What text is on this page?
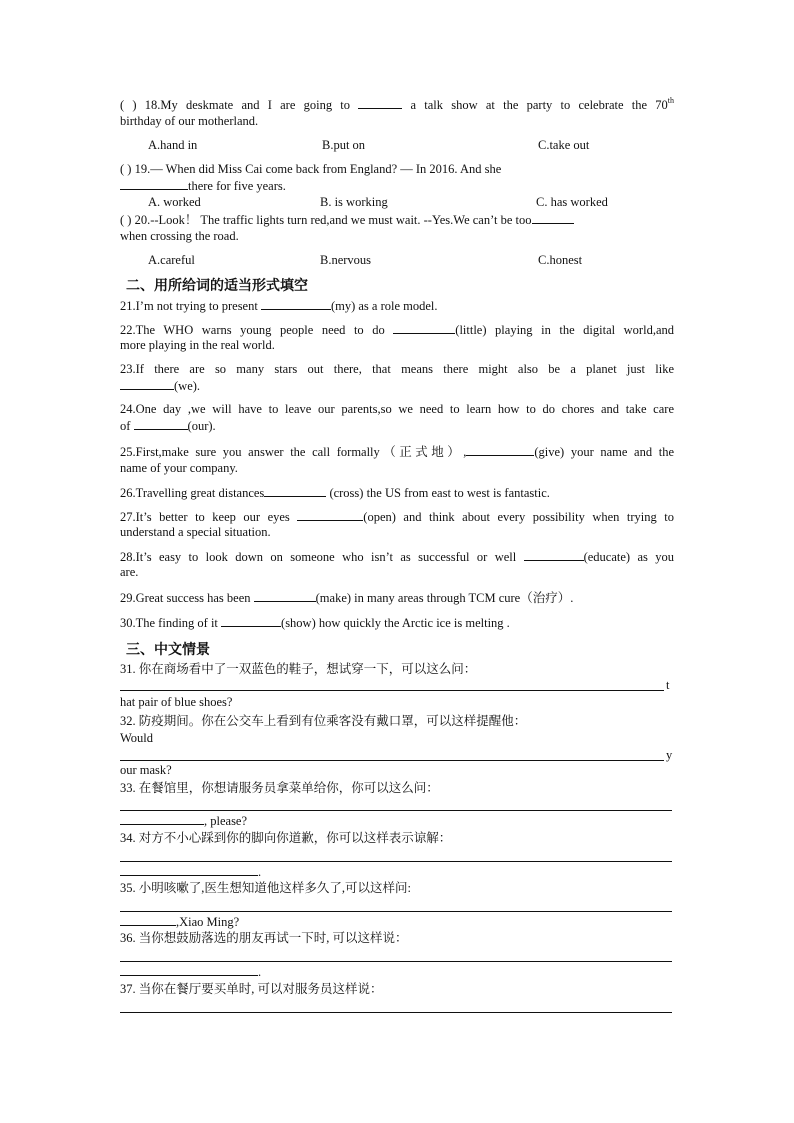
( ) 18.My deskmate and I are going to	a talk show at the party to celebrate the 70th
birthday of our motherland.
A.hand in	B.put on	C.take out
( ) 19.— When did Miss Cai come back from England? — In 2016. And she
there for five years.
A. worked	B. is working	C. has worked
( ) 20.--Look！ The traffic lights turn red,and we must wait. --Yes.We can’t be too
when crossing the road.
A.careful	B.nervous	C.honest
二、用所给词的适当形式填空
21.I’m not trying to present	(my) as a role model.
22.The WHO warns young people need to do	(little) playing in the digital world,and
more playing in the real world.
23.If there are so many stars out there, that means there might also be a planet just like
(we).
24.One day ,we will have to leave our parents,so we need to learn how to do chores and take care
of	(our).
25.First,make sure you answer the call formally（正式地）,	(give) your name and the
name of your company.
26.Travelling great distances	(cross) the US from east to west is fantastic.
27.It’s better to keep our eyes	(open) and think about every possibility when trying to
understand a special situation.
28.It’s easy to look down on someone who isn’t as successful or well	(educate) as you
are.
29.Great success has been	(make) in many areas through TCM cure（治疗）.
30.The finding of it	(show) how quickly the Arctic ice is melting .
三、中文情景
31. 你在商场看中了一双蓝色的鞋子，想试穿一下，可以这么问：
t
hat pair of blue shoes?
32. 防疫期间。你在公交车上看到有位乘客没有戴口罩，可以这样提醒他：
Would
y
our mask?
33. 在餐馆里，你想请服务员拿菜单给你，你可以这么问：
, please?
34. 对方不小心踩到你的脚向你道歉，你可以这样表示谅解：
.
35. 小明咳嗽了,医生想知道他这样多久了,可以这样问:
,Xiao Ming?
36. 当你想鼓励落选的朋友再试一下时, 可以这样说：
.
37. 当你在餐厅要买单时, 可以对服务员这样说：
